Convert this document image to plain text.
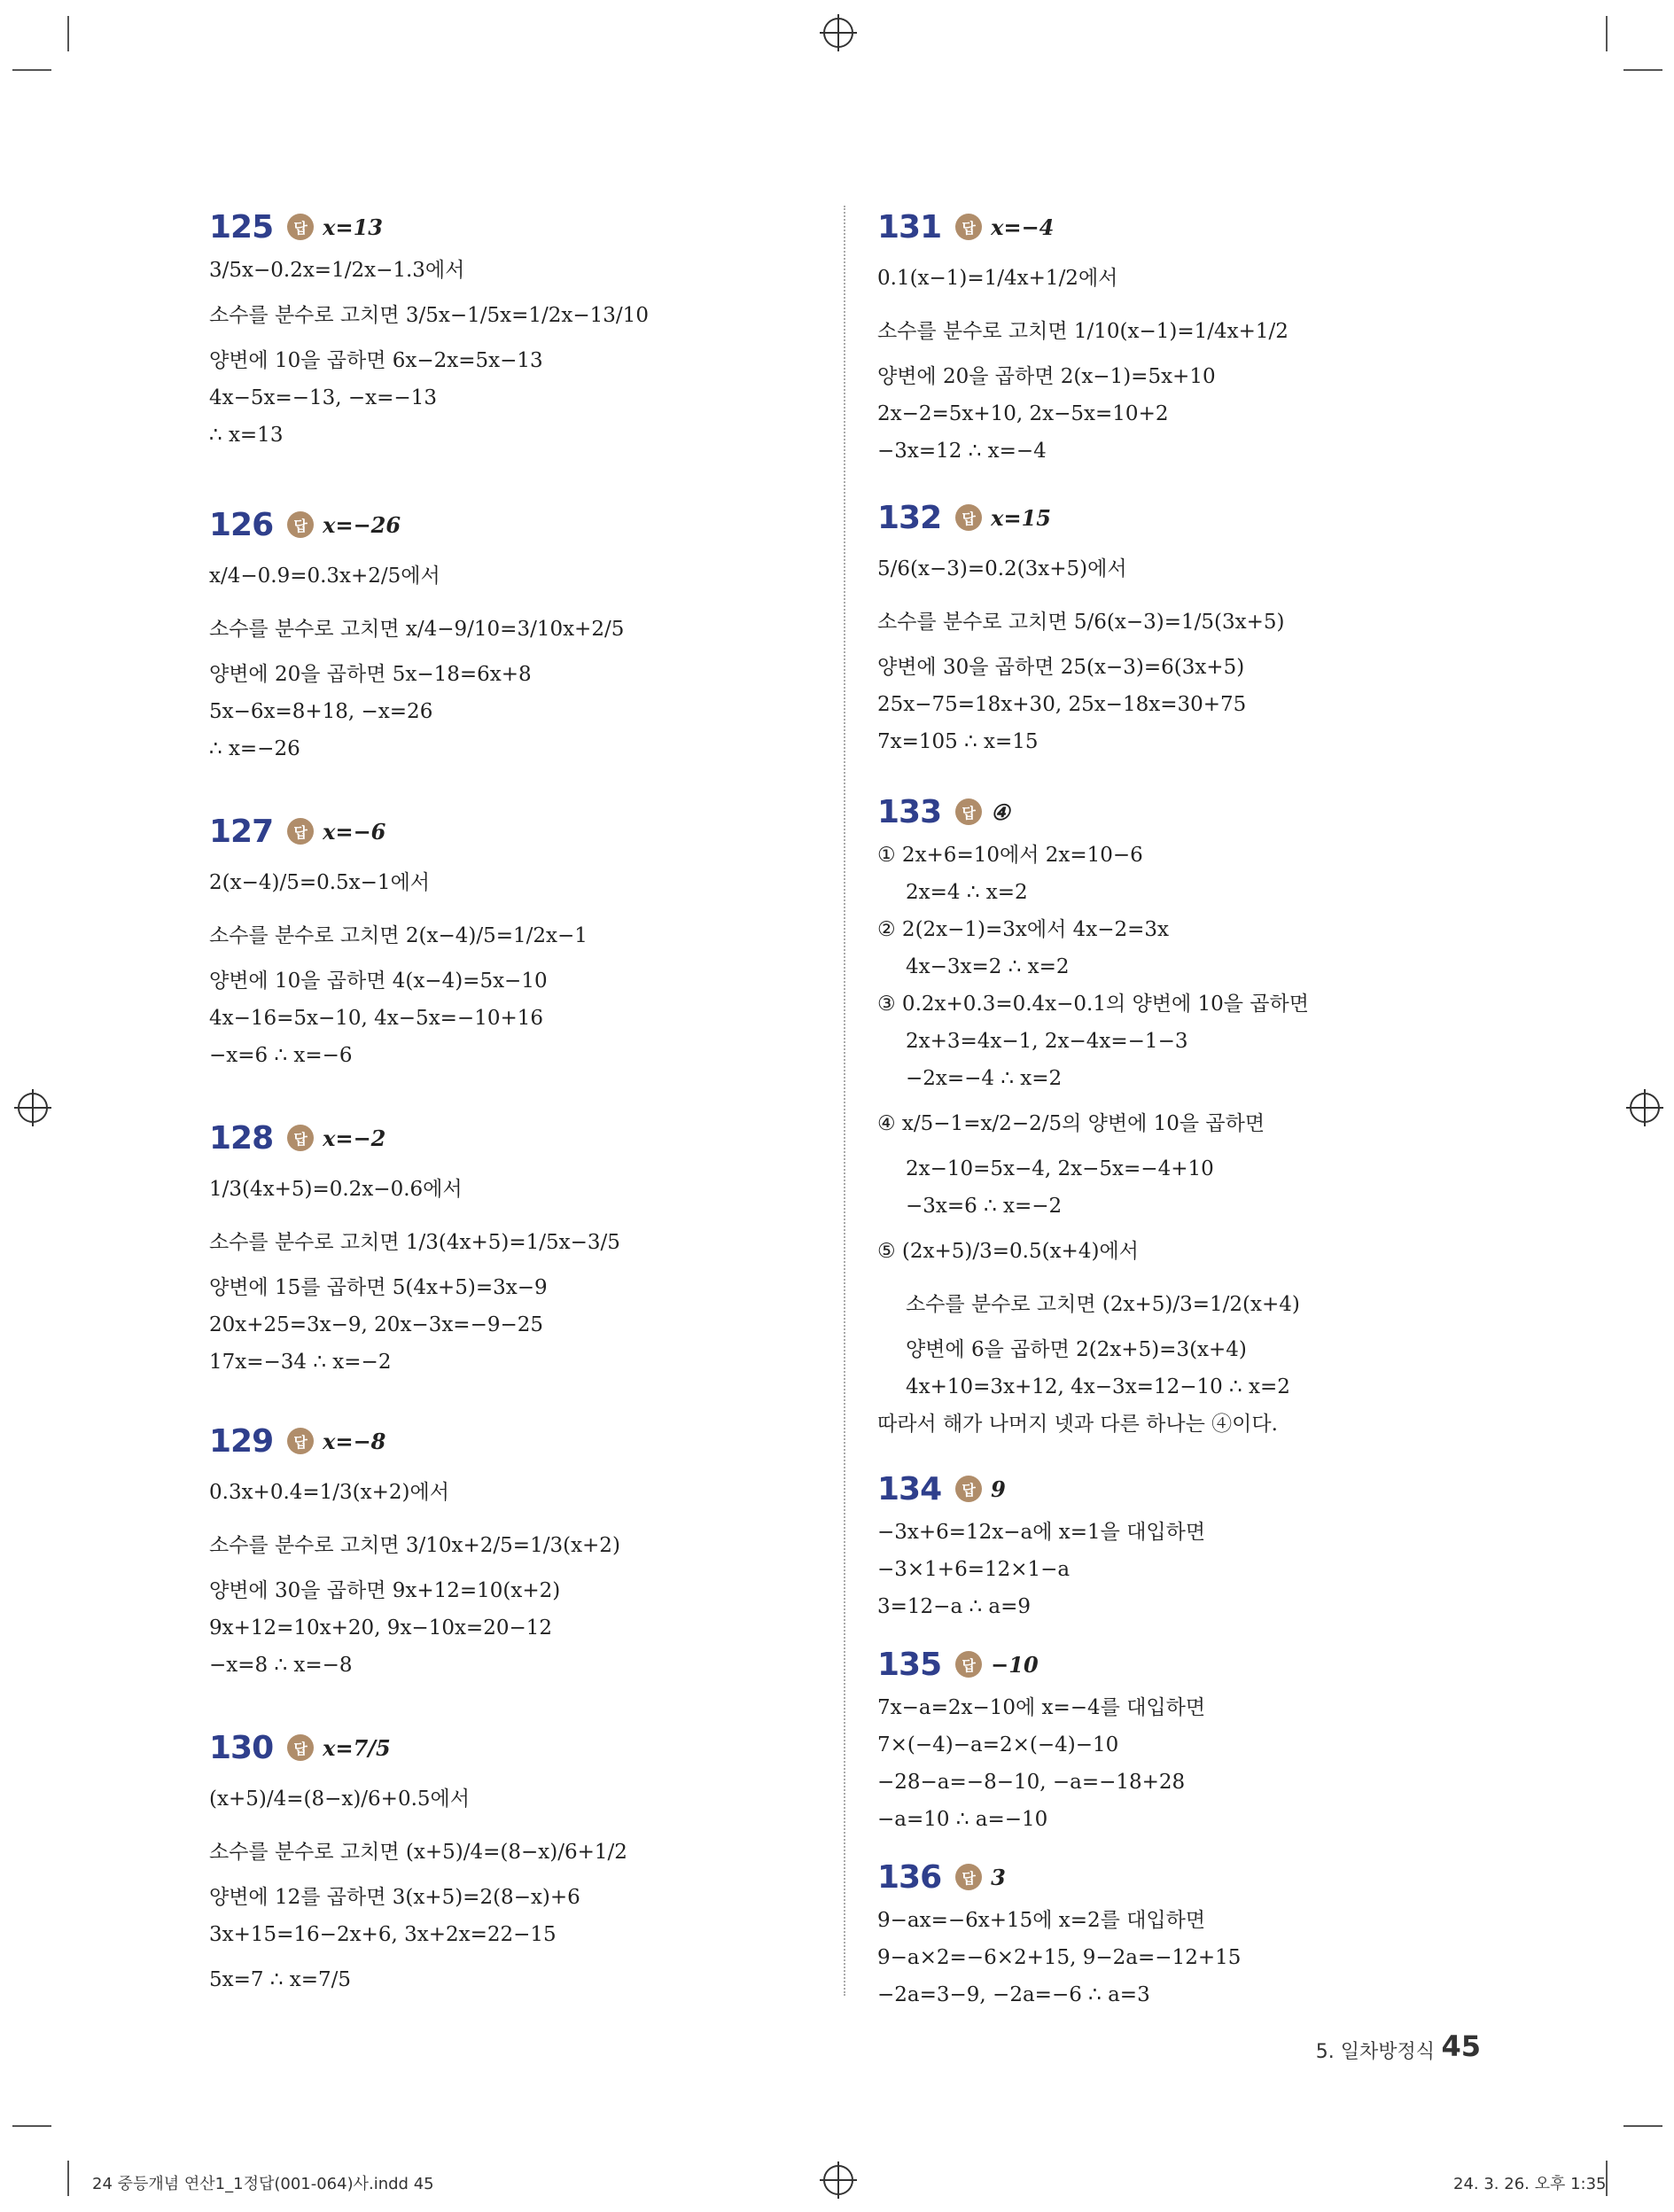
125	답 x=13
3/5x−0.2x=1/2x−1.3에서
소수를 분수로 고치면 3/5x−1/5x=1/2x−13/10
양변에 10을 곱하면 6x−2x=5x−13
4x−5x=−13, −x=−13
∴ x=13
126	답 x=−26
x/4−0.9=0.3x+2/5에서
소수를 분수로 고치면 x/4−9/10=3/10x+2/5
양변에 20을 곱하면 5x−18=6x+8
5x−6x=8+18, −x=26
∴ x=−26
127	답 x=−6
2(x−4)/5=0.5x−1에서
소수를 분수로 고치면 2(x−4)/5=1/2x−1
양변에 10을 곱하면 4(x−4)=5x−10
4x−16=5x−10, 4x−5x=−10+16
−x=6 ∴ x=−6
128	답 x=−2
1/3(4x+5)=0.2x−0.6에서
소수를 분수로 고치면 1/3(4x+5)=1/5x−3/5
양변에 15를 곱하면 5(4x+5)=3x−9
20x+25=3x−9, 20x−3x=−9−25
17x=−34 ∴ x=−2
129	답 x=−8
0.3x+0.4=1/3(x+2)에서
소수를 분수로 고치면 3/10x+2/5=1/3(x+2)
양변에 30을 곱하면 9x+12=10(x+2)
9x+12=10x+20, 9x−10x=20−12
−x=8 ∴ x=−8
130	답 x=7/5
(x+5)/4=(8−x)/6+0.5에서
소수를 분수로 고치면 (x+5)/4=(8−x)/6+1/2
양변에 12를 곱하면 3(x+5)=2(8−x)+6
3x+15=16−2x+6, 3x+2x=22−15
5x=7 ∴ x=7/5
131	답 x=−4
0.1(x−1)=1/4x+1/2에서
소수를 분수로 고치면 1/10(x−1)=1/4x+1/2
양변에 20을 곱하면 2(x−1)=5x+10
2x−2=5x+10, 2x−5x=10+2
−3x=12 ∴ x=−4
132	답 x=15
5/6(x−3)=0.2(3x+5)에서
소수를 분수로 고치면 5/6(x−3)=1/5(3x+5)
양변에 30을 곱하면 25(x−3)=6(3x+5)
25x−75=18x+30, 25x−18x=30+75
7x=105 ∴ x=15
133	답 ④
① 2x+6=10에서 2x=10−6
2x=4 ∴ x=2
② 2(2x−1)=3x에서 4x−2=3x
4x−3x=2 ∴ x=2
③ 0.2x+0.3=0.4x−0.1의 양변에 10을 곱하면
2x+3=4x−1, 2x−4x=−1−3
−2x=−4 ∴ x=2
④ x/5−1=x/2−2/5의 양변에 10을 곱하면
2x−10=5x−4, 2x−5x=−4+10
−3x=6 ∴ x=−2
⑤ (2x+5)/3=0.5(x+4)에서
소수를 분수로 고치면 (2x+5)/3=1/2(x+4)
양변에 6을 곱하면 2(2x+5)=3(x+4)
4x+10=3x+12, 4x−3x=12−10 ∴ x=2
따라서 해가 나머지 넷과 다른 하나는 ④이다.
134	답 9
−3x+6=12x−a에 x=1을 대입하면
−3×1+6=12×1−a
3=12−a ∴ a=9
135	답 −10
7x−a=2x−10에 x=−4를 대입하면
7×(−4)−a=2×(−4)−10
−28−a=−8−10, −a=−18+28
−a=10 ∴ a=−10
136	답 3
9−ax=−6x+15에 x=2를 대입하면
9−a×2=−6×2+15, 9−2a=−12+15
−2a=3−9, −2a=−6 ∴ a=3
5. 일차방정식 45
24 중등개념 연산1_1정답(001-064)사.indd 45	24. 3. 26. 오후 1:35
